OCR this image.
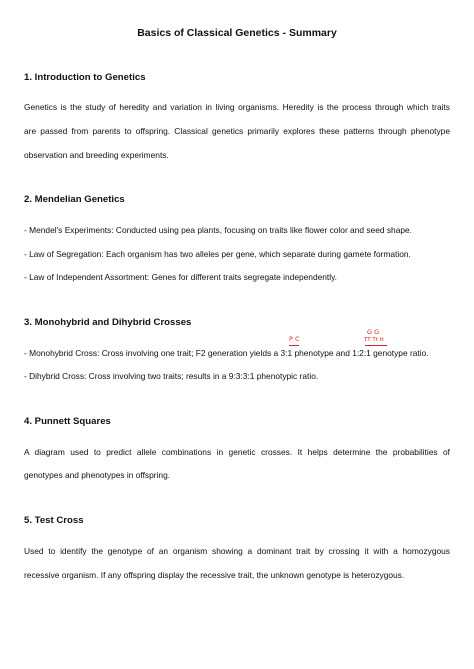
Basics of Classical Genetics - Summary
1. Introduction to Genetics
Genetics is the study of heredity and variation in living organisms. Heredity is the process through which traits
are passed from parents to offspring. Classical genetics primarily explores these patterns through phenotype
observation and breeding experiments.
2. Mendelian Genetics
- Mendel's Experiments: Conducted using pea plants, focusing on traits like flower color and seed shape.
- Law of Segregation: Each organism has two alleles per gene, which separate during gamete formation.
- Law of Independent Assortment: Genes for different traits segregate independently.
3. Monohybrid and Dihybrid Crosses
- Monohybrid Cross: Cross involving one trait; F2 generation yields a 3:1 phenotype and 1:2:1 genotype ratio.
- Dihybrid Cross: Cross involving two traits; results in a 9:3:3:1 phenotypic ratio.
P C
G G
TT Tt tt
4. Punnett Squares
A diagram used to predict allele combinations in genetic crosses. It helps determine the probabilities of
genotypes and phenotypes in offspring.
5. Test Cross
Used to identify the genotype of an organism showing a dominant trait by crossing it with a homozygous
recessive organism. If any offspring display the recessive trait, the unknown genotype is heterozygous.
